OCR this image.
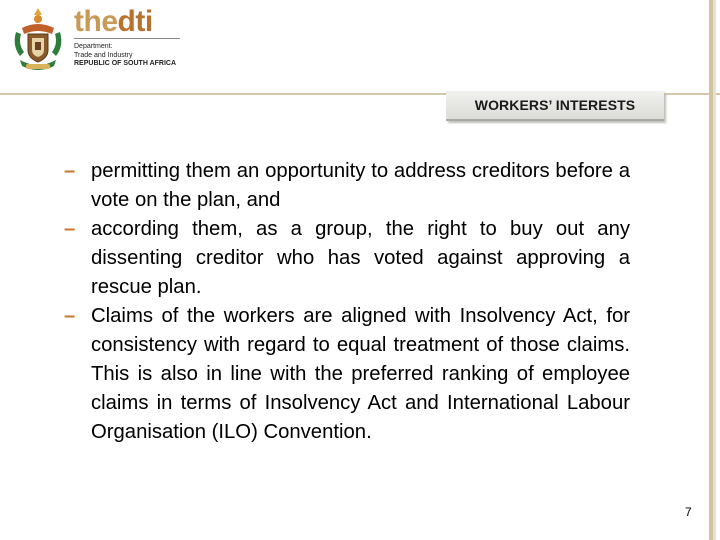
thedti
Department:
Trade and Industry
REPUBLIC OF SOUTH AFRICA
WORKERS’ INTERESTS
– permitting them an opportunity to address creditors before a vote on the plan, and
– according them, as a group, the right to buy out any dissenting creditor who has voted against approving a rescue plan.
– Claims of the workers are aligned with Insolvency Act, for consistency with regard to equal treatment of those claims. This is also in line with the preferred ranking of employee claims in terms of Insolvency Act and International Labour Organisation (ILO) Convention.
7
